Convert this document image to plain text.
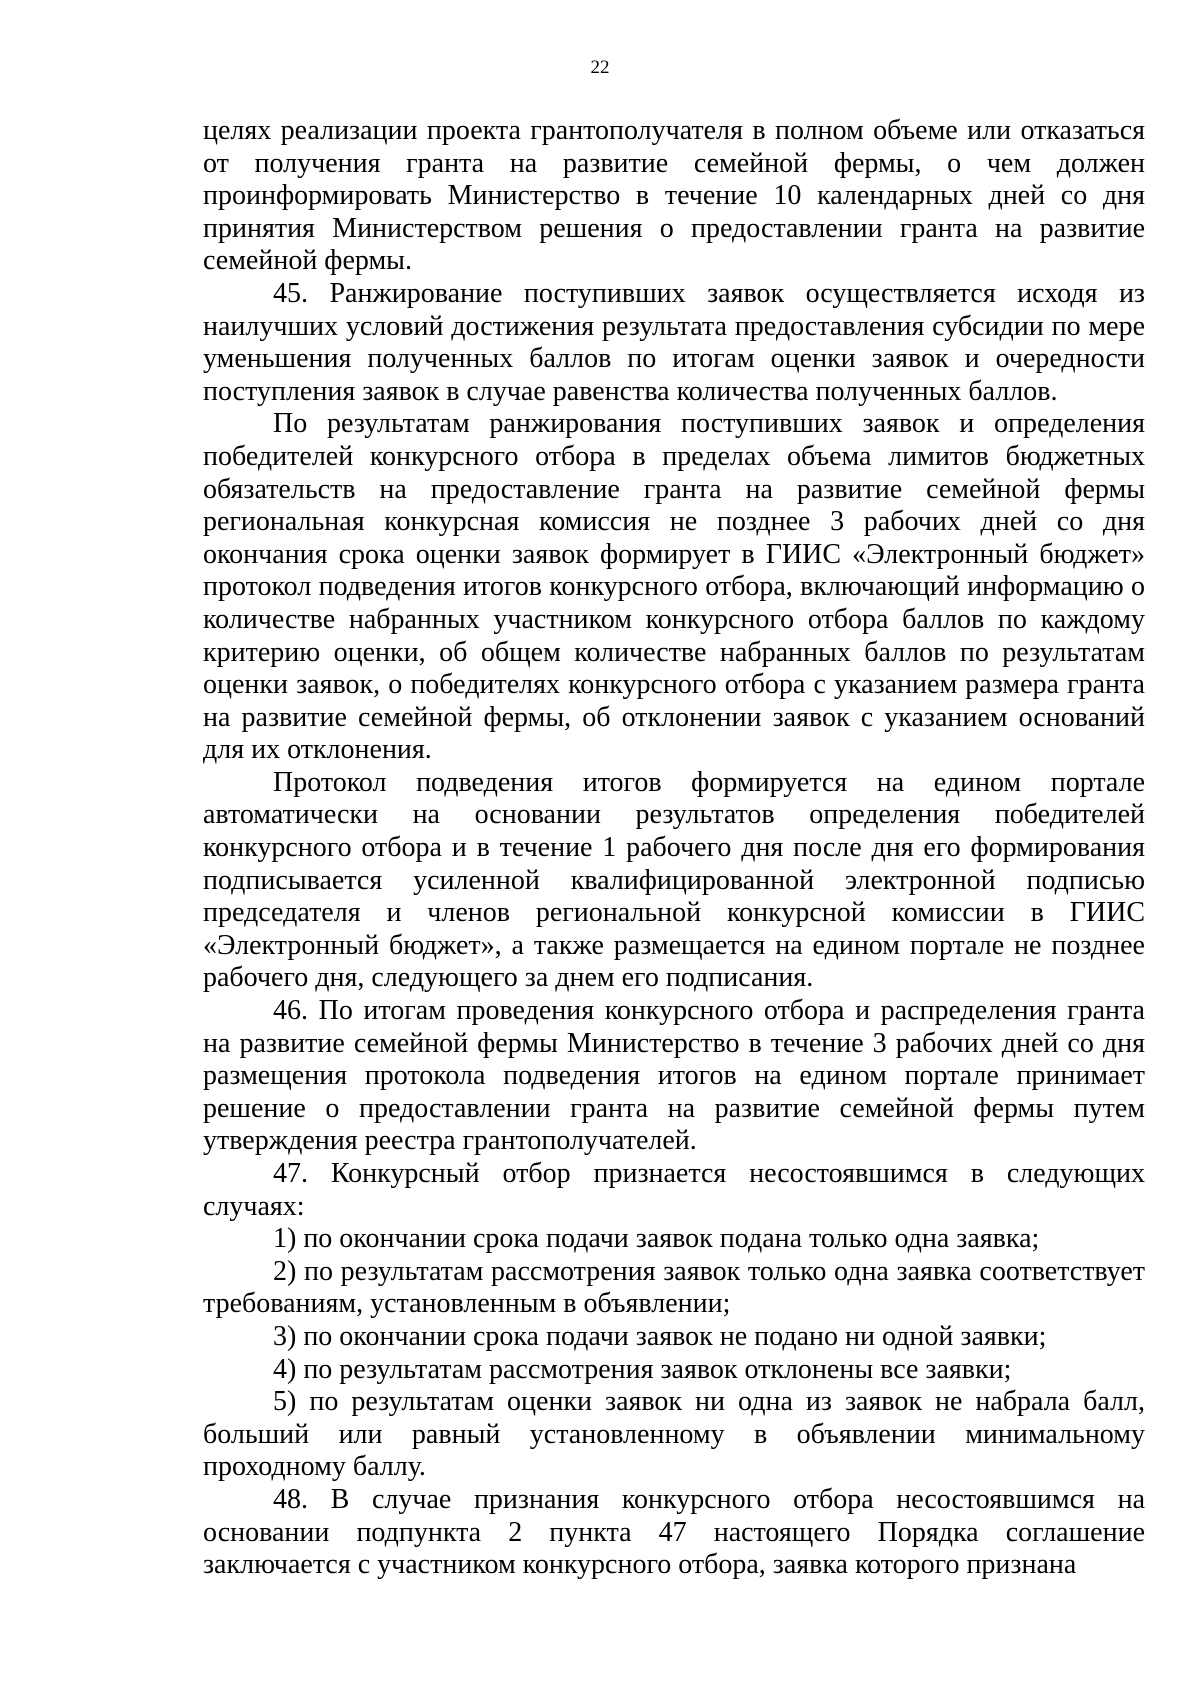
22

целях реализации проекта грантополучателя в полном объеме или отказаться от получения гранта на развитие семейной фермы, о чем должен проинформировать Министерство в течение 10 календарных дней со дня принятия Министерством решения о предоставлении гранта на развитие семейной фермы.

45. Ранжирование поступивших заявок осуществляется исходя из наилучших условий достижения результата предоставления субсидии по мере уменьшения полученных баллов по итогам оценки заявок и очередности поступления заявок в случае равенства количества полученных баллов.

По результатам ранжирования поступивших заявок и определения победителей конкурсного отбора в пределах объема лимитов бюджетных обязательств на предоставление гранта на развитие семейной фермы региональная конкурсная комиссия не позднее 3 рабочих дней со дня окончания срока оценки заявок формирует в ГИИС «Электронный бюджет» протокол подведения итогов конкурсного отбора, включающий информацию о количестве набранных участником конкурсного отбора баллов по каждому критерию оценки, об общем количестве набранных баллов по результатам оценки заявок, о победителях конкурсного отбора с указанием размера гранта на развитие семейной фермы, об отклонении заявок с указанием оснований для их отклонения.

Протокол подведения итогов формируется на едином портале автоматически на основании результатов определения победителей конкурсного отбора и в течение 1 рабочего дня после дня его формирования подписывается усиленной квалифицированной электронной подписью председателя и членов региональной конкурсной комиссии в ГИИС «Электронный бюджет», а также размещается на едином портале не позднее рабочего дня, следующего за днем его подписания.

46. По итогам проведения конкурсного отбора и распределения гранта на развитие семейной фермы Министерство в течение 3 рабочих дней со дня размещения протокола подведения итогов на едином портале принимает решение о предоставлении гранта на развитие семейной фермы путем утверждения реестра грантополучателей.

47. Конкурсный отбор признается несостоявшимся в следующих случаях:

1) по окончании срока подачи заявок подана только одна заявка;

2) по результатам рассмотрения заявок только одна заявка соответствует требованиям, установленным в объявлении;

3) по окончании срока подачи заявок не подано ни одной заявки;

4) по результатам рассмотрения заявок отклонены все заявки;

5) по результатам оценки заявок ни одна из заявок не набрала балл, больший или равный установленному в объявлении минимальному проходному баллу.

48. В случае признания конкурсного отбора несостоявшимся на основании подпункта 2 пункта 47 настоящего Порядка соглашение заключается с участником конкурсного отбора, заявка которого признана
